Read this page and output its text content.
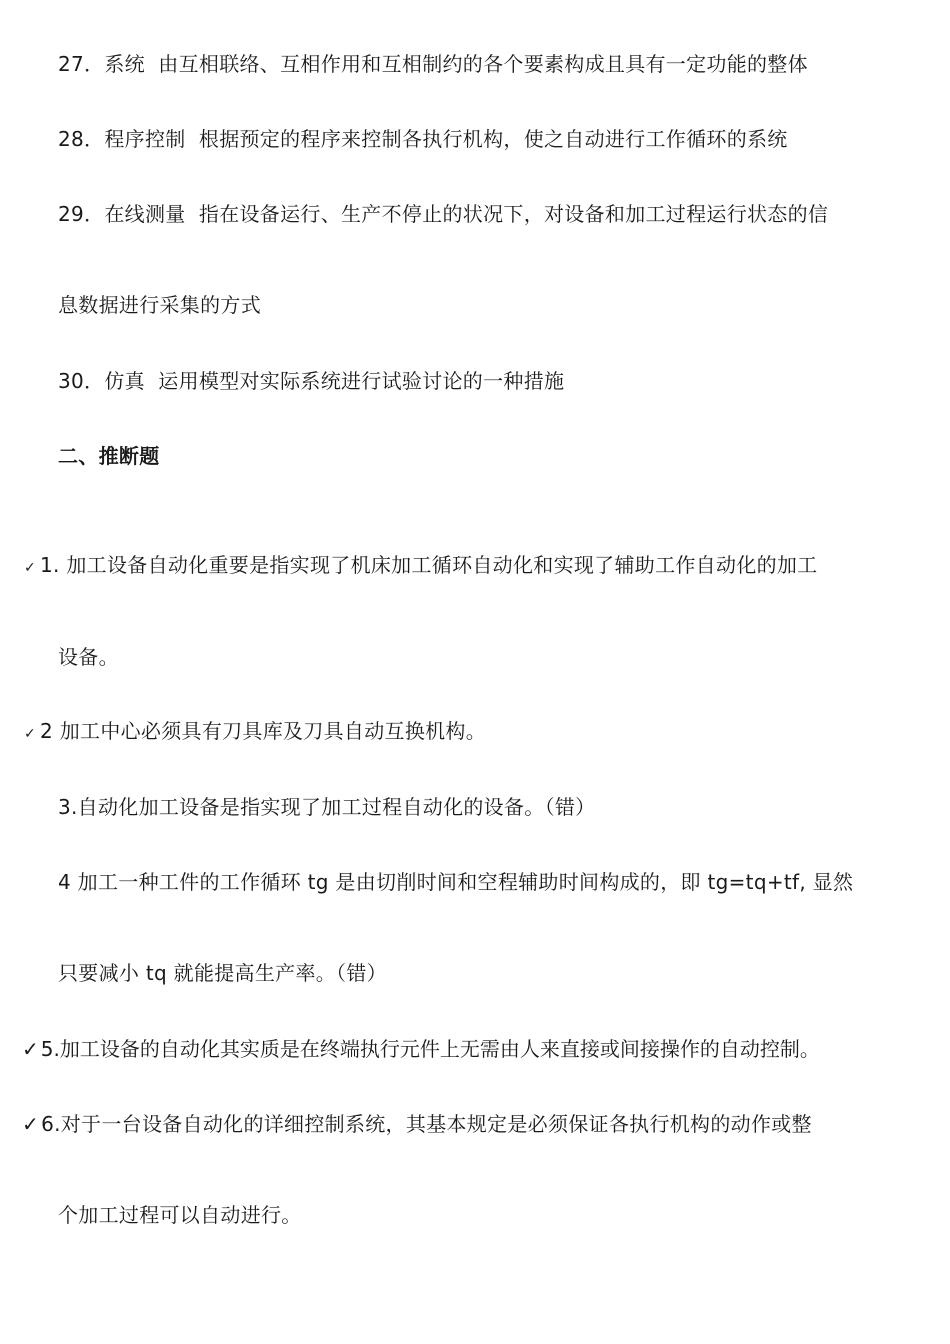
27．系统 由互相联络、互相作用和互相制约的各个要素构成且具有一定功能的整体
28．程序控制 根据预定的程序来控制各执行机构，使之自动进行工作循环的系统
29．在线测量 指在设备运行、生产不停止的状况下，对设备和加工过程运行状态的信
息数据进行采集的方式
30．仿真 运用模型对实际系统进行试验讨论的一种措施
二、推断题
✓ 1. 加工设备自动化重要是指实现了机床加工循环自动化和实现了辅助工作自动化的加工
设备。
✓ 2 加工中心必须具有刀具库及刀具自动互换机构。
3.自动化加工设备是指实现了加工过程自动化的设备。（错）
4 加工一种工件的工作循环 tg 是由切削时间和空程辅助时间构成的，即 tg=tq+tf, 显然
只要减小 tq 就能提高生产率。（错）
✓ 5.加工设备的自动化其实质是在终端执行元件上无需由人来直接或间接操作的自动控制。
✓ 6.对于一台设备自动化的详细控制系统，其基本规定是必须保证各执行机构的动作或整
个加工过程可以自动进行。
